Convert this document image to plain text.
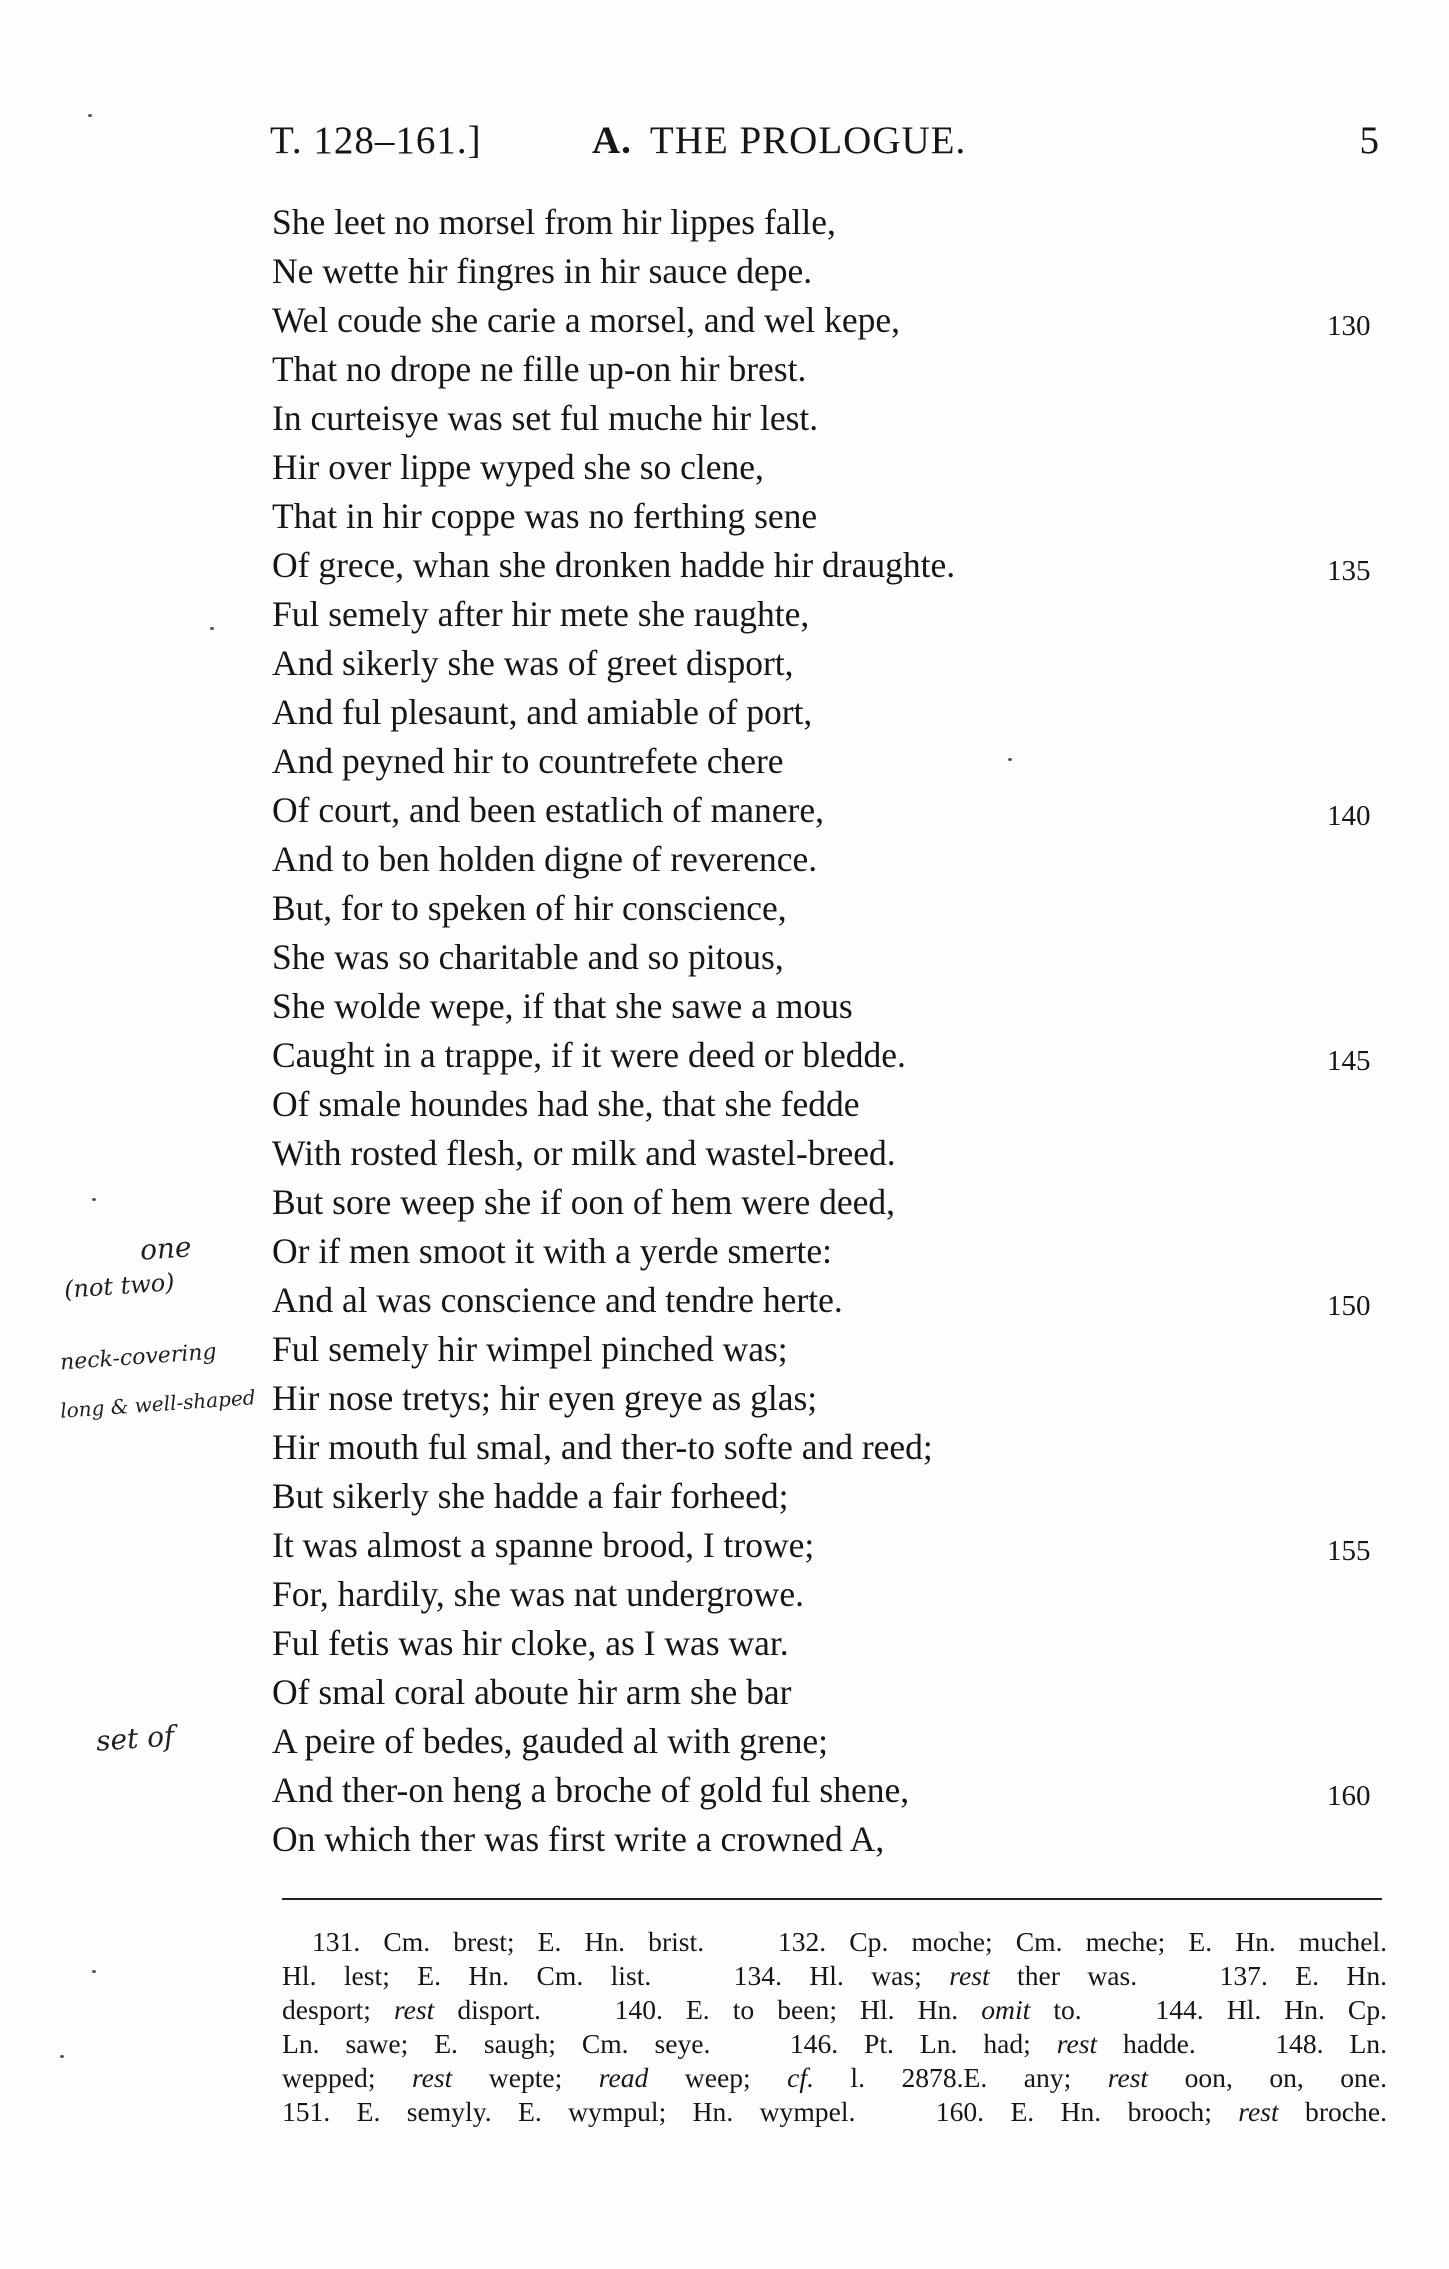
T. 128–161.]	A. THE PROLOGUE.	5
She leet no morsel from hir lippes falle,
Ne wette hir fingres in hir sauce depe.
Wel coude she carie a morsel, and wel kepe,	130
That no drope ne fille up-on hir brest.
In curteisye was set ful muche hir lest.
Hir over lippe wyped she so clene,
That in hir coppe was no ferthing sene
Of grece, whan she dronken hadde hir draughte.	135
Ful semely after hir mete she raughte,
And sikerly she was of greet disport,
And ful plesaunt, and amiable of port,
And peyned hir to countrefete chere
Of court, and been estatlich of manere,	140
And to ben holden digne of reverence.
But, for to speken of hir conscience,
She was so charitable and so pitous,
She wolde wepe, if that she sawe a mous
Caught in a trappe, if it were deed or bledde.	145
Of smale houndes had she, that she fedde
With rosted flesh, or milk and wastel-breed.
But sore weep she if oon of hem were deed,
Or if men smoot it with a yerde smerte:
And al was conscience and tendre herte.	150
Ful semely hir wimpel pinched was;
Hir nose tretys; hir eyen greye as glas;
Hir mouth ful smal, and ther-to softe and reed;
But sikerly she hadde a fair forheed;
It was almost a spanne brood, I trowe;	155
For, hardily, she was nat undergrowe.
Ful fetis was hir cloke, as I was war.
Of smal coral aboute hir arm she bar
A peire of bedes, gauded al with grene;
And ther-on heng a broche of gold ful shene,	160
On which ther was first write a crowned A,

131. Cm. brest; E. Hn. brist.  	132. Cp. moche; Cm. meche; E. Hn. muchel.

Hl. lest; E. Hn. Cm. list.  	134. Hl. was; rest ther was.  	137. E. Hn.

desport; rest disport.  	140. E. to been; Hl. Hn. omit to.  	144. Hl. Hn. Cp.

Ln. sawe; E. saugh; Cm. seye.  	146. Pt. Ln. had; rest hadde.  	148. Ln.

wepped; rest wepte; read weep; cf. l. 2878.E. any; rest oon, on, one.

151. E. semyly. E. wympul; Hn. wympel.  	160. E. Hn. brooch; rest broche.

one
(not two)
neck-covering
long & well-shaped
set of
